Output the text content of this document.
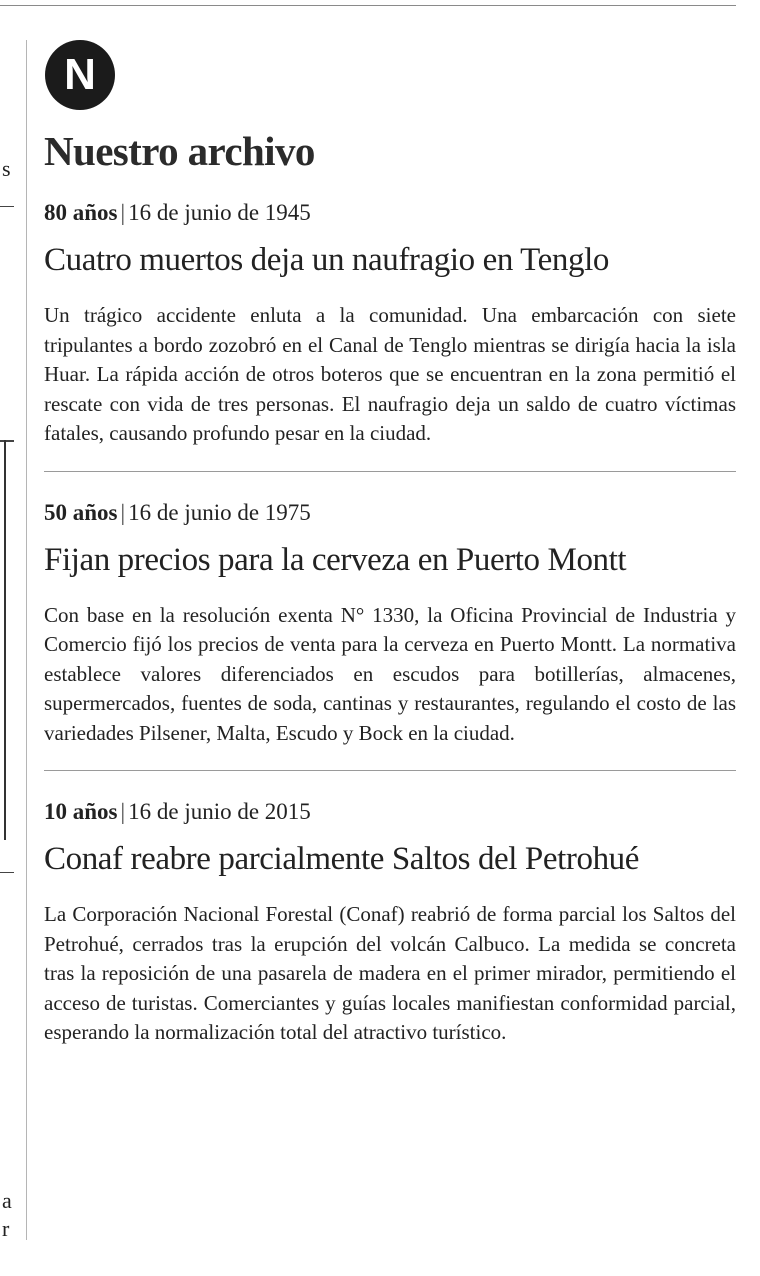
s
a
r
N
Nuestro archivo
80 años | 16 de junio de 1945
Cuatro muertos deja un naufragio en Tenglo
Un trágico accidente enluta a la comunidad. Una embarcación con siete tripulantes a bordo zozobró en el Canal de Tenglo mientras se dirigía hacia la isla Huar. La rápida acción de otros boteros que se encuentran en la zona permitió el rescate con vida de tres personas. El naufragio deja un saldo de cuatro víctimas fatales, causando profundo pesar en la ciudad.
50 años | 16 de junio de 1975
Fijan precios para la cerveza en Puerto Montt
Con base en la resolución exenta N° 1330, la Oficina Provincial de Industria y Comercio fijó los precios de venta para la cerveza en Puerto Montt. La normativa establece valores diferenciados en escudos para botillerías, almacenes, supermercados, fuentes de soda, cantinas y restaurantes, regulando el costo de las variedades Pilsener, Malta, Escudo y Bock en la ciudad.
10 años | 16 de junio de 2015
Conaf reabre parcialmente Saltos del Petrohué
La Corporación Nacional Forestal (Conaf) reabrió de forma parcial los Saltos del Petrohué, cerrados tras la erupción del volcán Calbuco. La medida se concreta tras la reposición de una pasarela de madera en el primer mirador, permitiendo el acceso de turistas. Comerciantes y guías locales manifiestan conformidad parcial, esperando la normalización total del atractivo turístico.
